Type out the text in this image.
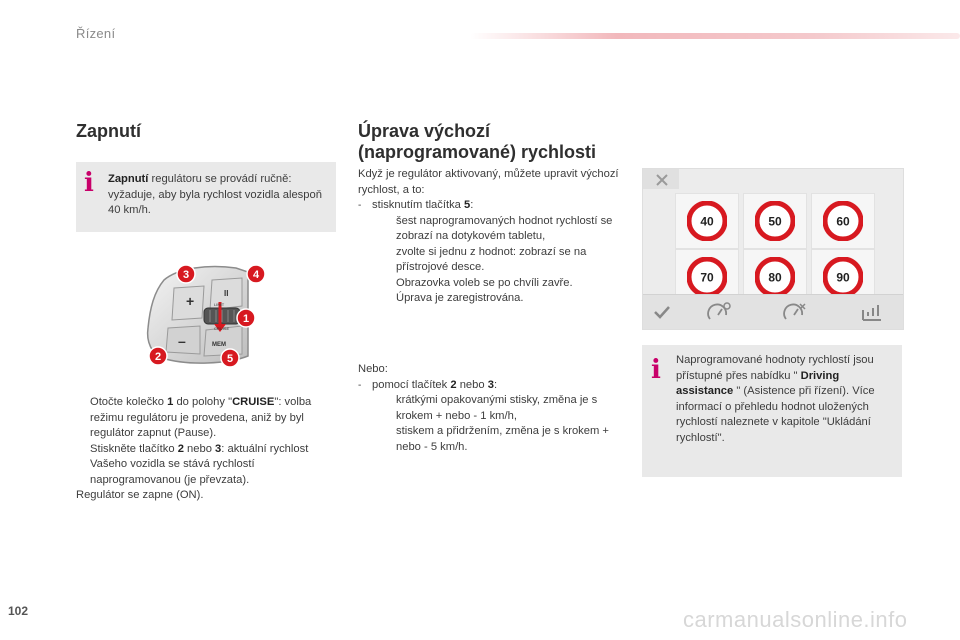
Řízení
Zapnutí
i Zapnutí regulátoru se provádí ručně: vyžaduje, aby byla rychlost vozidla alespoň 40 km/h.
+
–
II
LIMIT
CRUISE
MEM
3	4
1
2	5

Otočte kolečko 1 do polohy "CRUISE": volba režimu regulátoru je provedena, aniž by byl regulátor zapnut (Pause).

Stiskněte tlačítko 2 nebo 3: aktuální rychlost Vašeho vozidla se stává rychlostí naprogramovanou (je převzata).

Regulátor se zapne (ON).

Úprava výchozí
(naprogramované) rychlosti

Když je regulátor aktivovaný, můžete upravit výchozí rychlost, a to:

- stisknutím tlačítka 5:

šest naprogramovaných hodnot rychlostí se zobrazí na dotykovém tabletu,

zvolte si jednu z hodnot: zobrazí se na přístrojové desce.

Obrazovka voleb se po chvíli zavře.

Úprava je zaregistrována.

Nebo:

- pomocí tlačítek 2 nebo 3:

krátkými opakovanými stisky, změna je s krokem + nebo - 1 km/h,

stiskem a přidržením, změna je s krokem + nebo - 5 km/h.

40	50	60
70	80	90
i Naprogramované hodnoty rychlostí jsou přístupné přes nabídku " Driving assistance " (Asistence při řízení). Více informací o přehledu hodnot uložených rychlostí naleznete v kapitole "Ukládání rychlostí".
102	carmanualsonline.info
